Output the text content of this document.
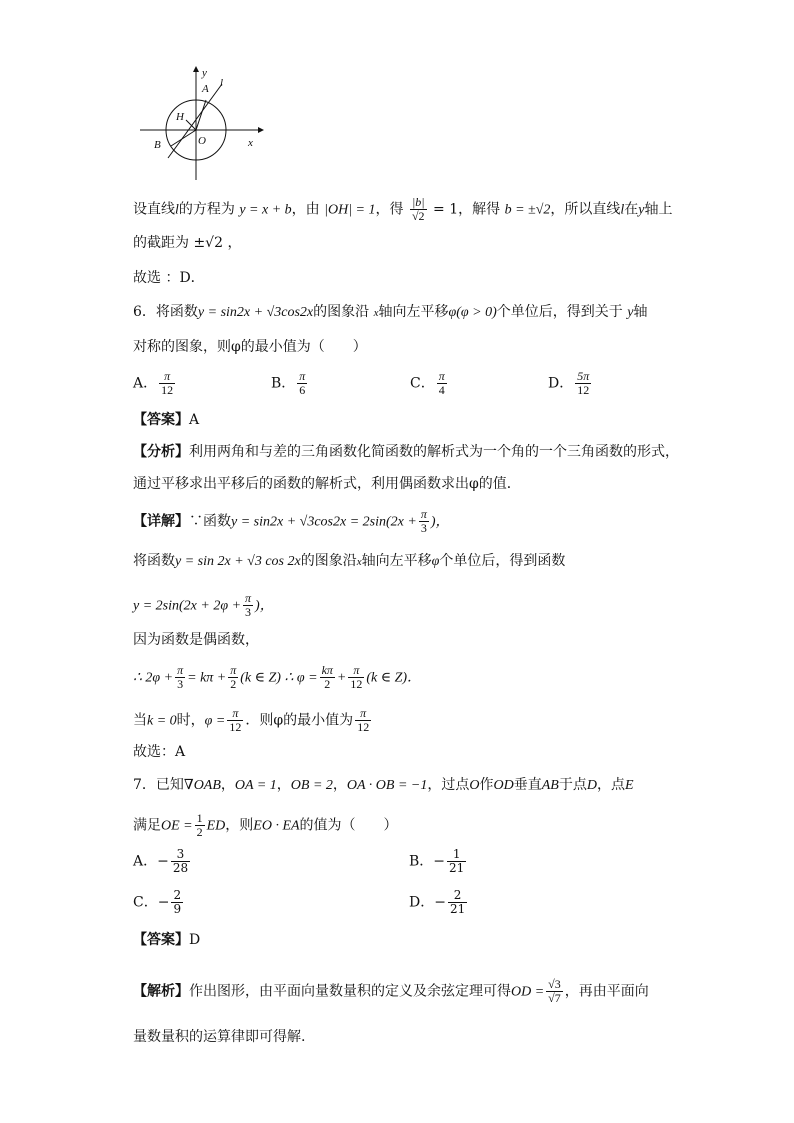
y
A l
H
O
B	x
设直线l的方程为 y = x + b，由 |OH| = 1，得 $\frac{|b|}{√2} = 1$，解得 b = ±√2，所以直线l在y轴上
的截距为 ±√2 ，
故选 ：D．
6．将函数y = sin2x + √3cos2x的图象沿 x轴向左平移φ(φ > 0)个单位后，得到关于 y轴
对称的图象，则φ的最小值为（　　）
A． $\frac{\pi}{12}$	B． $\frac{\pi}{6}$	C． $\frac{\pi}{4}$	D． $\frac{5\pi}{12}$
【答案】A
【分析】利用两角和与差的三角函数化简函数的解析式为一个角的一个三角函数的形式，
通过平移求出平移后的函数的解析式，利用偶函数求出φ的值．
【详解】∵函数$y = \sin 2x + √3\cos 2x = 2\sin(2x + \frac{\pi}{3}$ )，
将函数y = sin 2x + √3 cos 2x的图象沿x轴向左平移φ个单位后，得到函数
$y = 2\sin(2x + 2\varphi + \frac{\pi}{3}$ )，
因为函数是偶函数，
∴ $2\varphi + \frac{\pi}{3} = k\pi + \frac{\pi}{2} (k$ ∈ Z) ∴ $\varphi = \frac{k\pi}{2} + \frac{\pi}{12} (k$ ∈ Z)．
当k = 0时，$\varphi = \frac{\pi}{12}$ ．则φ的最小值为 $\frac{\pi}{12}$
故选：A
7．已知∇OAB，OA = 1，OB = 2，OA · OB = −1，过点O作OD垂直AB于点D，点E
满足OE = $\frac{1}{2}$ ED，则EO · EA的值为（　　）
A．− $\frac{3}{28}$	B．− $\frac{1}{21}$
C．− $\frac{2}{9}$	D．− $\frac{2}{21}$
【答案】D
【解析】作出图形，由平面向量数量积的定义及余弦定理可得OD = $\frac{√3}{√7}$ ，再由平面向
量数量积的运算律即可得解.
